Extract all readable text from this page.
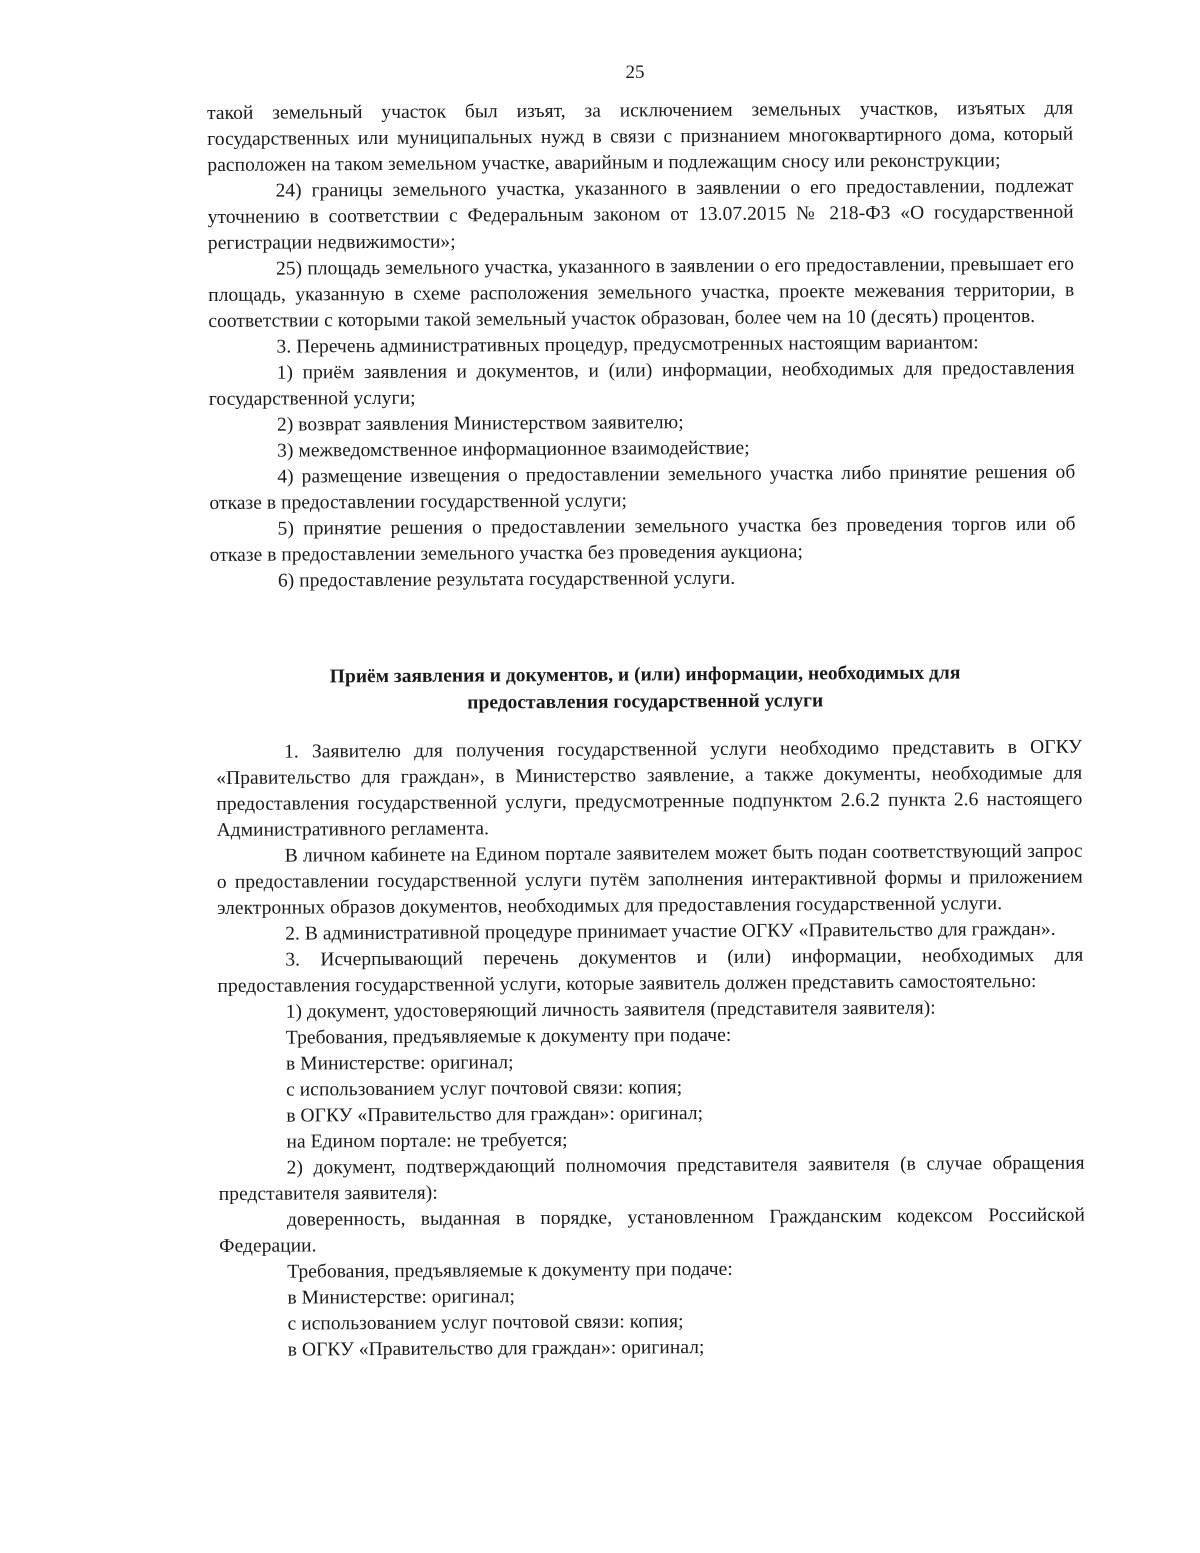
25

такой земельный участок был изъят, за исключением земельных участков, изъятых для государственных или муниципальных нужд в связи с признанием многоквартирного дома, который расположен на таком земельном участке, аварийным и подлежащим сносу или реконструкции;

24) границы земельного участка, указанного в заявлении о его предоставлении, подлежат уточнению в соответствии с Федеральным законом от 13.07.2015 № 218-ФЗ «О государственной регистрации недвижимости»;

25) площадь земельного участка, указанного в заявлении о его предоставлении, превышает его площадь, указанную в схеме расположения земельного участка, проекте межевания территории, в соответствии с которыми такой земельный участок образован, более чем на 10 (десять) процентов.

3. Перечень административных процедур, предусмотренных настоящим вариантом:

1) приём заявления и документов, и (или) информации, необходимых для предоставления государственной услуги;

2) возврат заявления Министерством заявителю;

3) межведомственное информационное взаимодействие;

4) размещение извещения о предоставлении земельного участка либо принятие решения об отказе в предоставлении государственной услуги;

5) принятие решения о предоставлении земельного участка без проведения торгов или об отказе в предоставлении земельного участка без проведения аукциона;

6) предоставление результата государственной услуги.

Приём заявления и документов, и (или) информации, необходимых для
предоставления государственной услуги

1. Заявителю для получения государственной услуги необходимо представить в ОГКУ «Правительство для граждан», в Министерство заявление, а также документы, необходимые для предоставления государственной услуги, предусмотренные подпунктом 2.6.2 пункта 2.6 настоящего Административного регламента.

В личном кабинете на Едином портале заявителем может быть подан соответствующий запрос о предоставлении государственной услуги путём заполнения интерактивной формы и приложением электронных образов документов, необходимых для предоставления государственной услуги.

2. В административной процедуре принимает участие ОГКУ «Правительство для граждан».

3. Исчерпывающий перечень документов и (или) информации, необходимых для предоставления государственной услуги, которые заявитель должен представить самостоятельно:

1) документ, удостоверяющий личность заявителя (представителя заявителя):

Требования, предъявляемые к документу при подаче:

в Министерстве: оригинал;

с использованием услуг почтовой связи: копия;

в ОГКУ «Правительство для граждан»: оригинал;

на Едином портале: не требуется;

2) документ, подтверждающий полномочия представителя заявителя (в случае обращения представителя заявителя):

доверенность, выданная в порядке, установленном Гражданским кодексом Российской Федерации.

Требования, предъявляемые к документу при подаче:

в Министерстве: оригинал;

с использованием услуг почтовой связи: копия;

в ОГКУ «Правительство для граждан»: оригинал;
